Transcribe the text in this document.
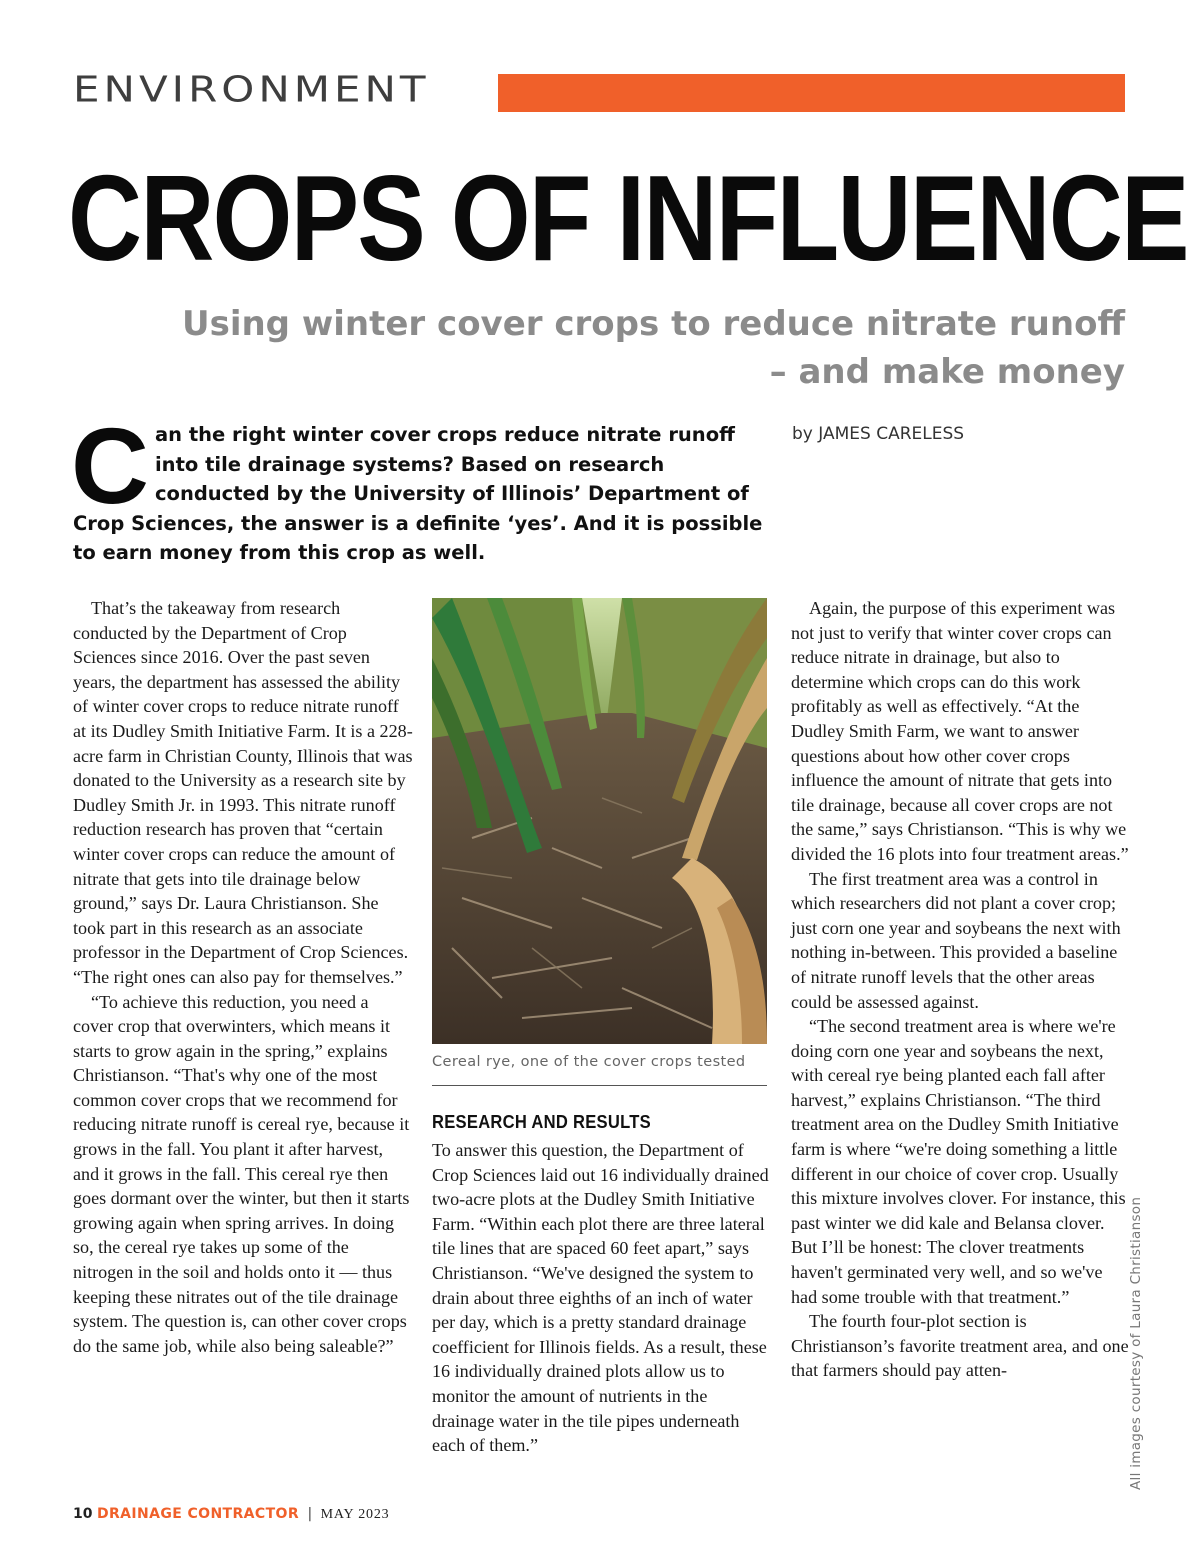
ENVIRONMENT
CROPS OF INFLUENCE
Using winter cover crops to reduce nitrate runoff
– and make money
Can the right winter cover crops reduce nitrate runoff into tile drainage systems? Based on research conducted by the University of Illinois’ Department of Crop Sciences, the answer is a definite ‘yes’. And it is possible to earn money from this crop as well.
by JAMES CARELESS

That’s the takeaway from research conducted by the Department of Crop Sciences since 2016. Over the past seven years, the department has assessed the ability of winter cover crops to reduce nitrate runoff at its Dudley Smith Initiative Farm. It is a 228-acre farm in Christian County, Illinois that was donated to the University as a research site by Dudley Smith Jr. in 1993. This nitrate runoff reduction research has proven that “certain winter cover crops can reduce the amount of nitrate that gets into tile drainage below ground,” says Dr. Laura Christianson. She took part in this research as an associate professor in the Department of Crop Sciences. “The right ones can also pay for themselves.”

“To achieve this reduction, you need a cover crop that overwinters, which means it starts to grow again in the spring,” explains Christianson. “That's why one of the most common cover crops that we recommend for reducing nitrate runoff is cereal rye, because it grows in the fall. You plant it after harvest, and it grows in the fall. This cereal rye then goes dormant over the winter, but then it starts growing again when spring arrives. In doing so, the cereal rye takes up some of the nitrogen in the soil and holds onto it — thus keeping these nitrates out of the tile drainage system. The question is, can other cover crops do the same job, while also being saleable?”

Cereal rye, one of the cover crops tested
RESEARCH AND RESULTS

To answer this question, the Department of Crop Sciences laid out 16 individually drained two-acre plots at the Dudley Smith Initiative Farm. “Within each plot there are three lateral tile lines that are spaced 60 feet apart,” says Christianson. “We've designed the system to drain about three eighths of an inch of water per day, which is a pretty standard drainage coefficient for Illinois fields. As a result, these 16 individually drained plots allow us to monitor the amount of nutrients in the drainage water in the tile pipes underneath each of them.”

Again, the purpose of this experiment was not just to verify that winter cover crops can reduce nitrate in drainage, but also to determine which crops can do this work profitably as well as effectively. “At the Dudley Smith Farm, we want to answer questions about how other cover crops influence the amount of nitrate that gets into tile drainage, because all cover crops are not the same,” says Christianson. “This is why we divided the 16 plots into four treatment areas.”

The first treatment area was a control in which researchers did not plant a cover crop; just corn one year and soybeans the next with nothing in-between. This provided a baseline of nitrate runoff levels that the other areas could be assessed against.

“The second treatment area is where we're doing corn one year and soybeans the next, with cereal rye being planted each fall after harvest,” explains Christianson. “The third treatment area on the Dudley Smith Initiative farm is where “we're doing something a little different in our choice of cover crop. Usually this mixture involves clover. For instance, this past winter we did kale and Belansa clover. But I’ll be honest: The clover treatments haven't germinated very well, and so we've had some trouble with that treatment.”

The fourth four-plot section is Christianson’s favorite treatment area, and one that farmers should pay atten-	All images courtesy of Laura Christianson
10 DRAINAGE CONTRACTOR | MAY 2023
